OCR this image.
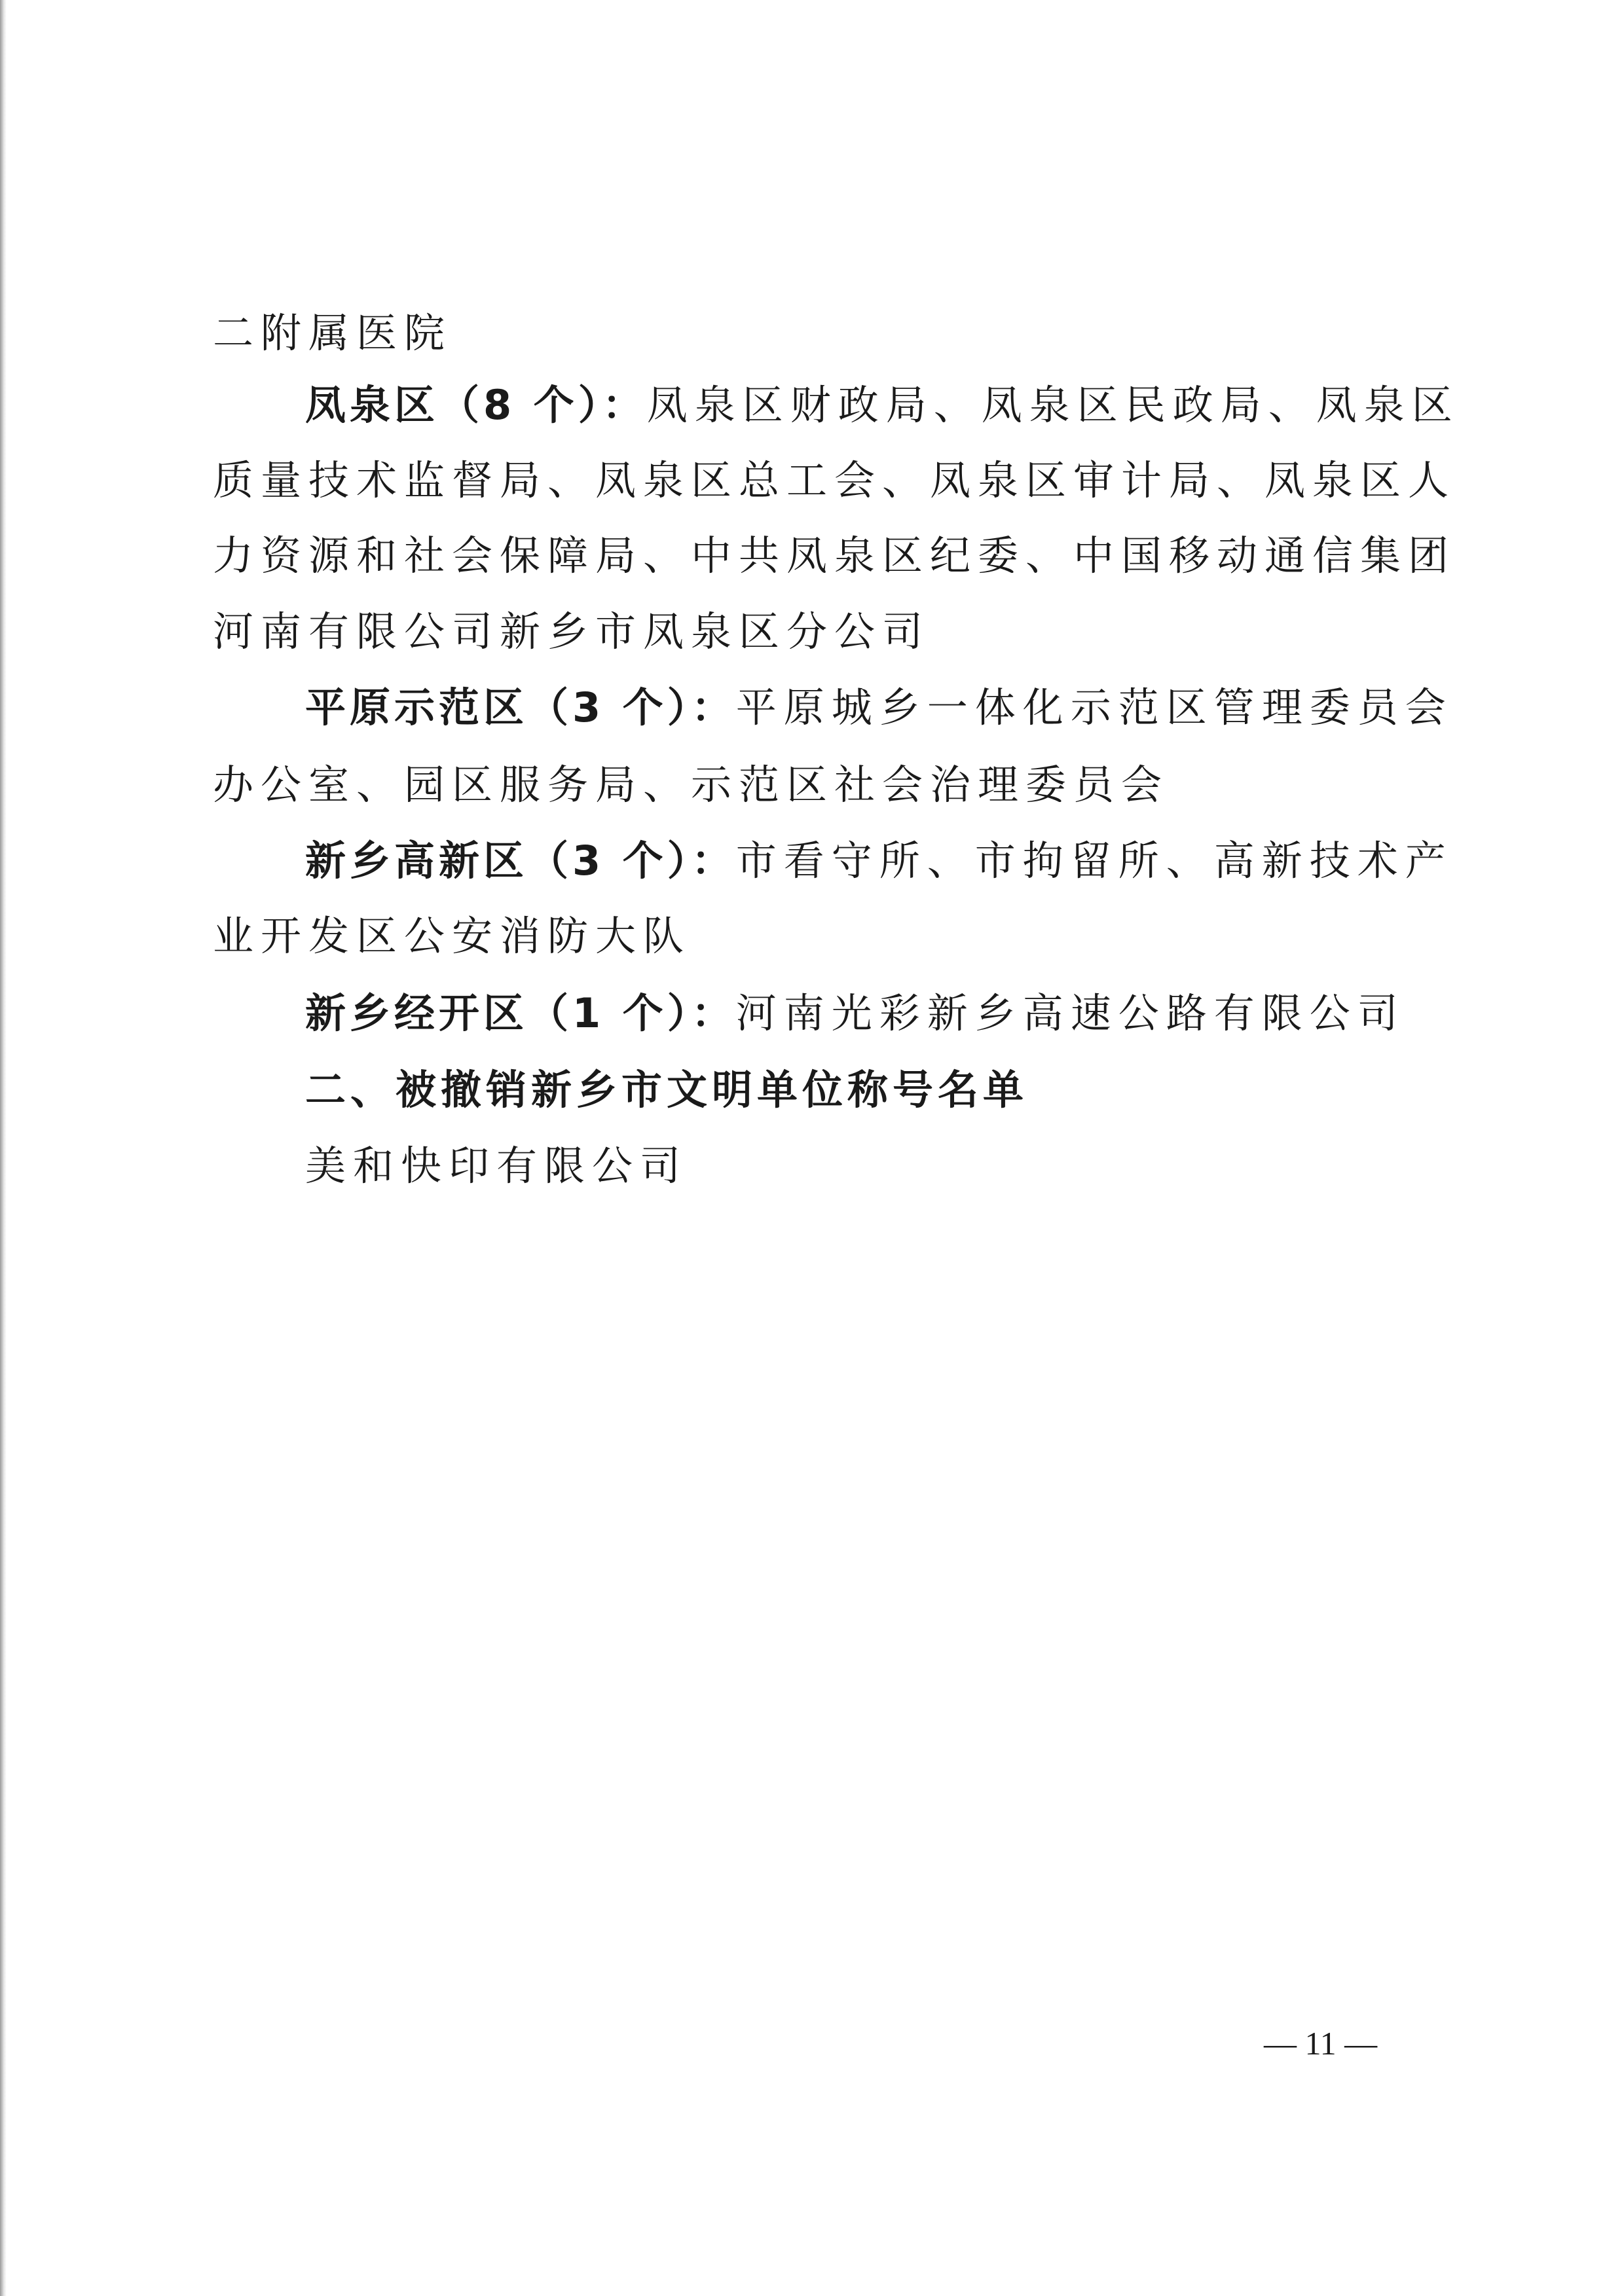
二附属医院
凤泉区（8 个）：凤泉区财政局、凤泉区民政局、凤泉区
质量技术监督局、凤泉区总工会、凤泉区审计局、凤泉区人
力资源和社会保障局、中共凤泉区纪委、中国移动通信集团
河南有限公司新乡市凤泉区分公司
平原示范区（3 个）：平原城乡一体化示范区管理委员会
办公室、园区服务局、示范区社会治理委员会
新乡高新区（3 个）：市看守所、市拘留所、高新技术产
业开发区公安消防大队
新乡经开区（1 个）：河南光彩新乡高速公路有限公司
二、被撤销新乡市文明单位称号名单
美和快印有限公司
— 11 —
